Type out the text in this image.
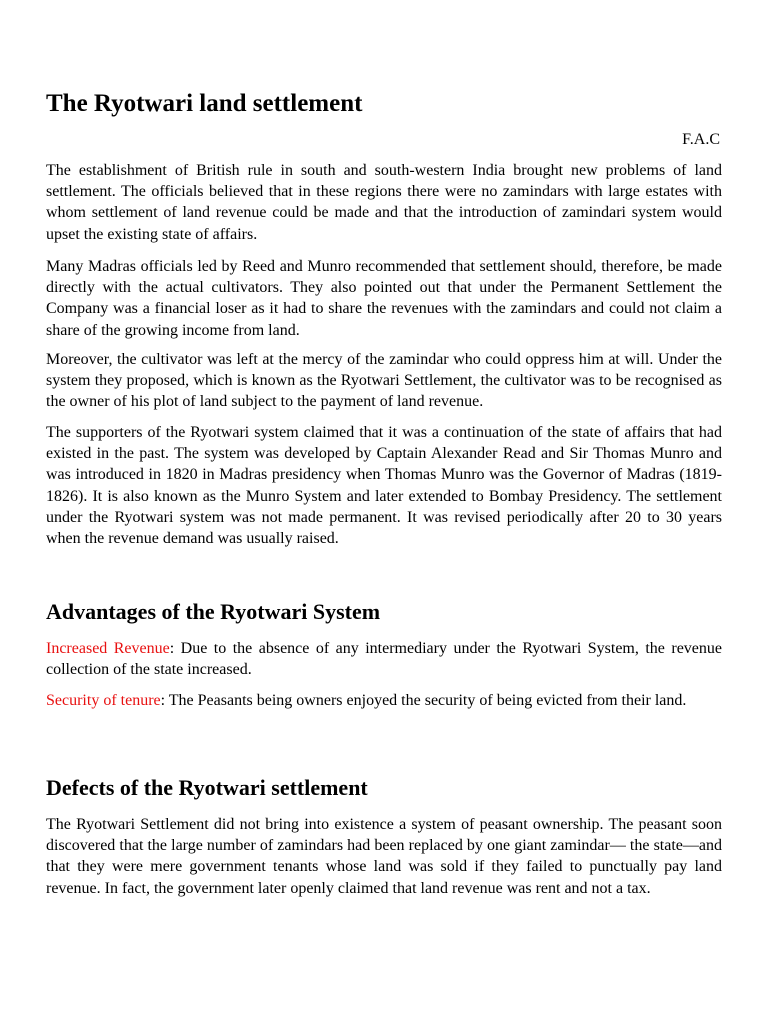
The Ryotwari land settlement
F.A.C

The establishment of British rule in south and south-western India brought new problems of land settlement. The officials believed that in these regions there were no zamindars with large estates with whom settlement of land revenue could be made and that the introduction of zamindari system would upset the existing state of affairs.

Many Madras officials led by Reed and Munro recommended that settlement should, therefore, be made directly with the actual cultivators. They also pointed out that under the Permanent Settlement the Company was a financial loser as it had to share the revenues with the zamindars and could not claim a share of the growing income from land.

Moreover, the cultivator was left at the mercy of the zamindar who could oppress him at will. Under the system they proposed, which is known as the Ryotwari Settlement, the cultivator was to be recognised as the owner of his plot of land subject to the payment of land revenue.

The supporters of the Ryotwari system claimed that it was a continuation of the state of affairs that had existed in the past. The system was developed by Captain Alexander Read and Sir Thomas Munro and was introduced in 1820 in Madras presidency when Thomas Munro was the Governor of Madras (1819-1826). It is also known as the Munro System and later extended to Bombay Presidency. The settlement under the Ryotwari system was not made permanent. It was revised periodically after 20 to 30 years when the revenue demand was usually raised.

Advantages of the Ryotwari System

Increased Revenue: Due to the absence of any intermediary under the Ryotwari System, the revenue collection of the state increased.

Security of tenure: The Peasants being owners enjoyed the security of being evicted from their land.

Defects of the Ryotwari settlement

The Ryotwari Settlement did not bring into existence a system of peasant ownership. The peasant soon discovered that the large number of zamindars had been replaced by one giant zamindar— the state—and that they were mere government tenants whose land was sold if they failed to punctually pay land revenue. In fact, the government later openly claimed that land revenue was rent and not a tax.
